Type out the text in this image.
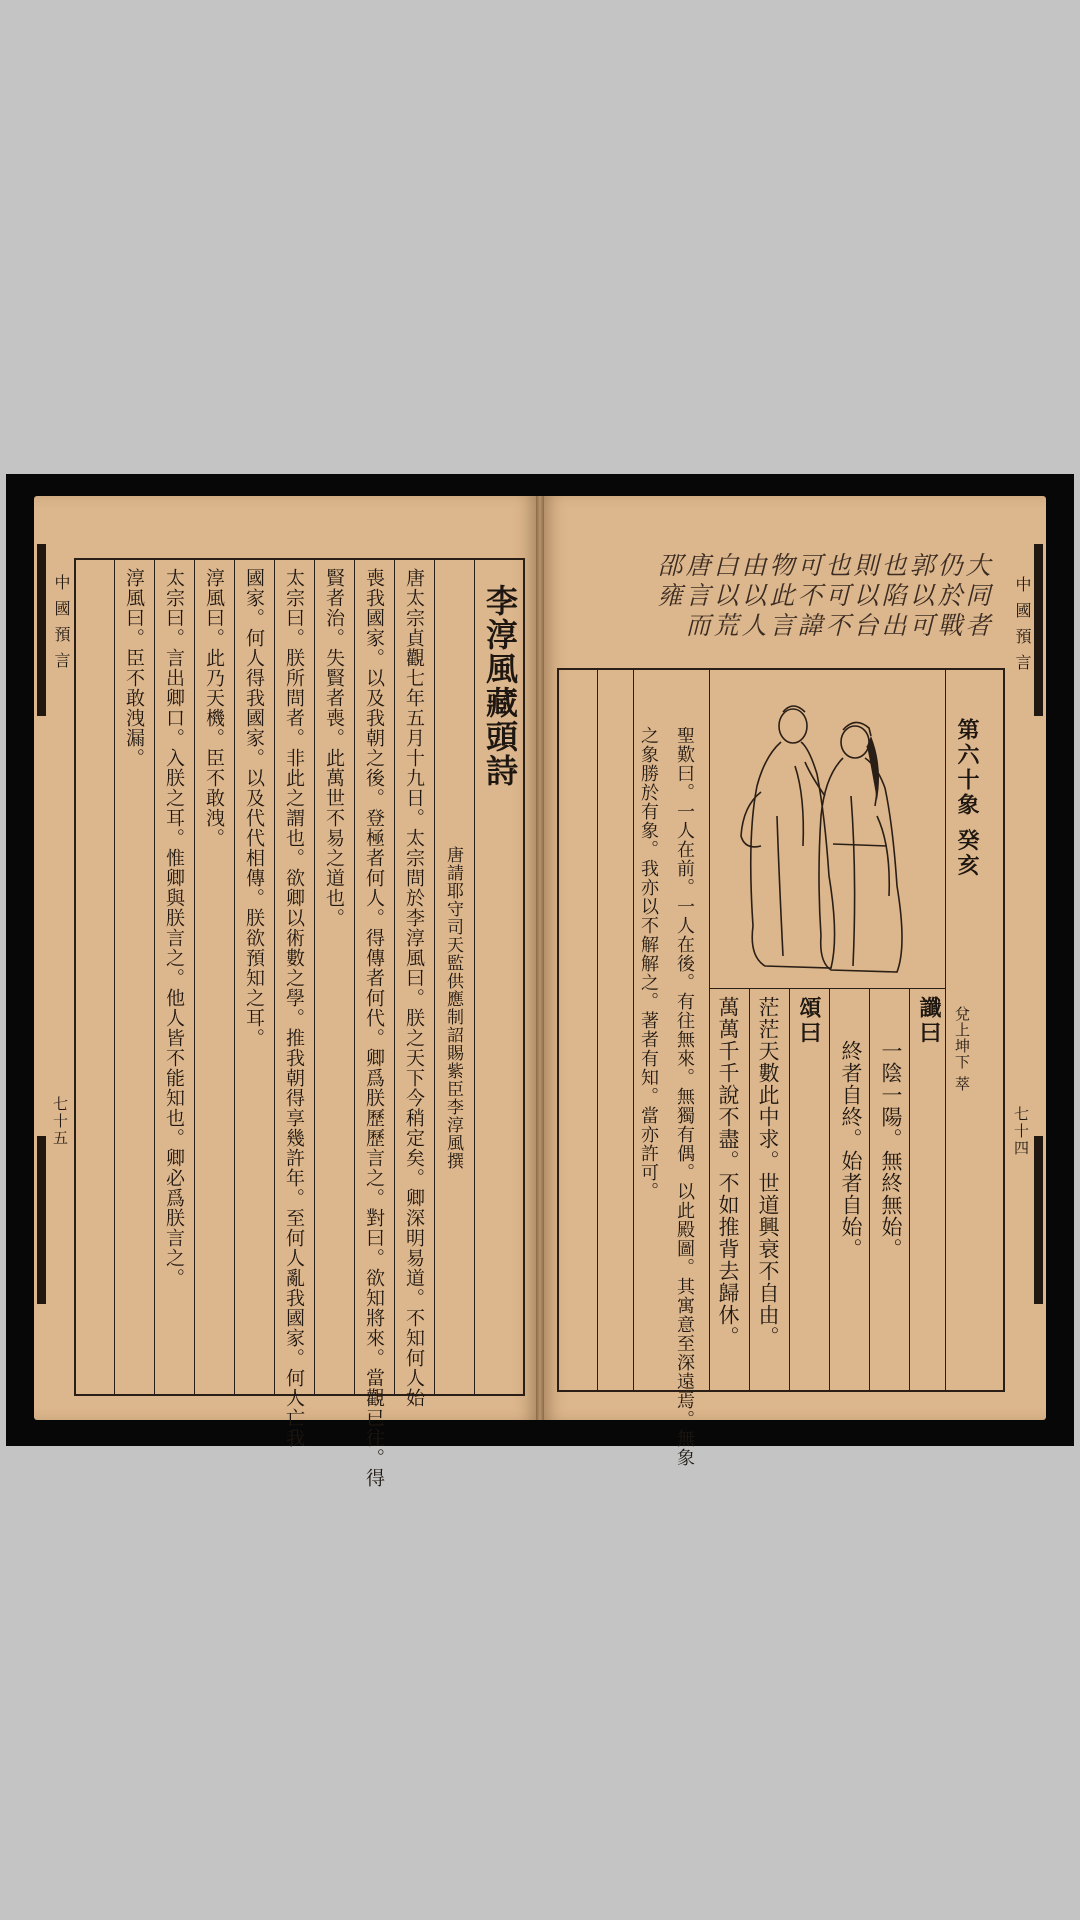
中國預言
七十五
李淳風藏頭詩
唐請耶守司天監供應制詔賜紫臣李淳風撰
唐太宗貞觀七年五月十九日。太宗問於李淳風曰。朕之天下今稍定矣。卿深明易道。不知何人始
喪我國家。以及我朝之後。登極者何人。得傳者何代。卿爲朕歷歷言之。對曰。欲知將來。當觀已往。得
賢者治。失賢者喪。此萬世不易之道也。
太宗曰。朕所問者。非此之謂也。欲卿以術數之學。推我朝得享幾許年。至何人亂我國家。何人亡我
國家。何人得我國家。以及代代相傳。朕欲預知之耳。
淳風曰。此乃天機。臣不敢洩。
太宗曰。言出卿口。入朕之耳。惟卿與朕言之。他人皆不能知也。卿必爲朕言之。
淳風曰。臣不敢洩漏。	中國預言
七十四
大同者
仍於戰
郭以可
也陷出
則以台
也可不
可不諱
物此言
由以人
白以荒
唐言而
邵雍
第六十象 癸亥
兌上坤下 萃
讖曰
一陰一陽。無終無始。
終者自終。始者自始。
頌曰
茫茫天數此中求。世道興衰不自由。
萬萬千千說不盡。不如推背去歸休。
聖歎曰。一人在前。一人在後。有往無來。無獨有偶。以此殿圖。其寓意至深遠焉。無象
之象勝於有象。我亦以不解解之。著者有知。當亦許可。
